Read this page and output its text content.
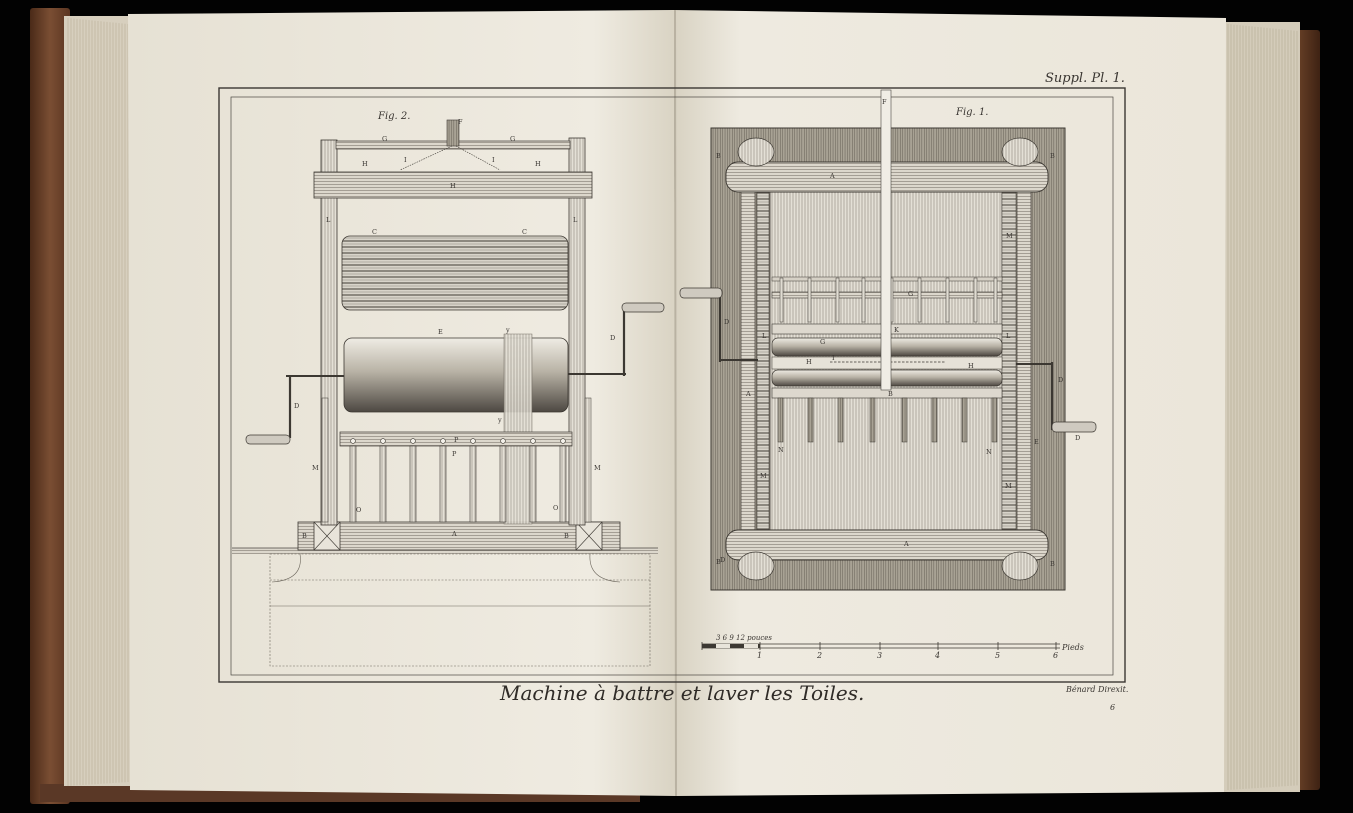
Suppl. Pl. 1.
Fig. 2.	Fig. 1.
Machine à battre et laver les Toiles.	Bénard Direxit.
6
3 6 9 12 pouces
Pieds
1	2	3	4	5	6
F
G	G
H	H
H
I	I
L	L
C	C
E	y
D
D
M	M
P
P
O	O
A
B	B
y
F
B	B
A
M
L	L
K
G
H
G
I
H
B
E
D
D
D
A
N	N
M
M
A
B	B
D
